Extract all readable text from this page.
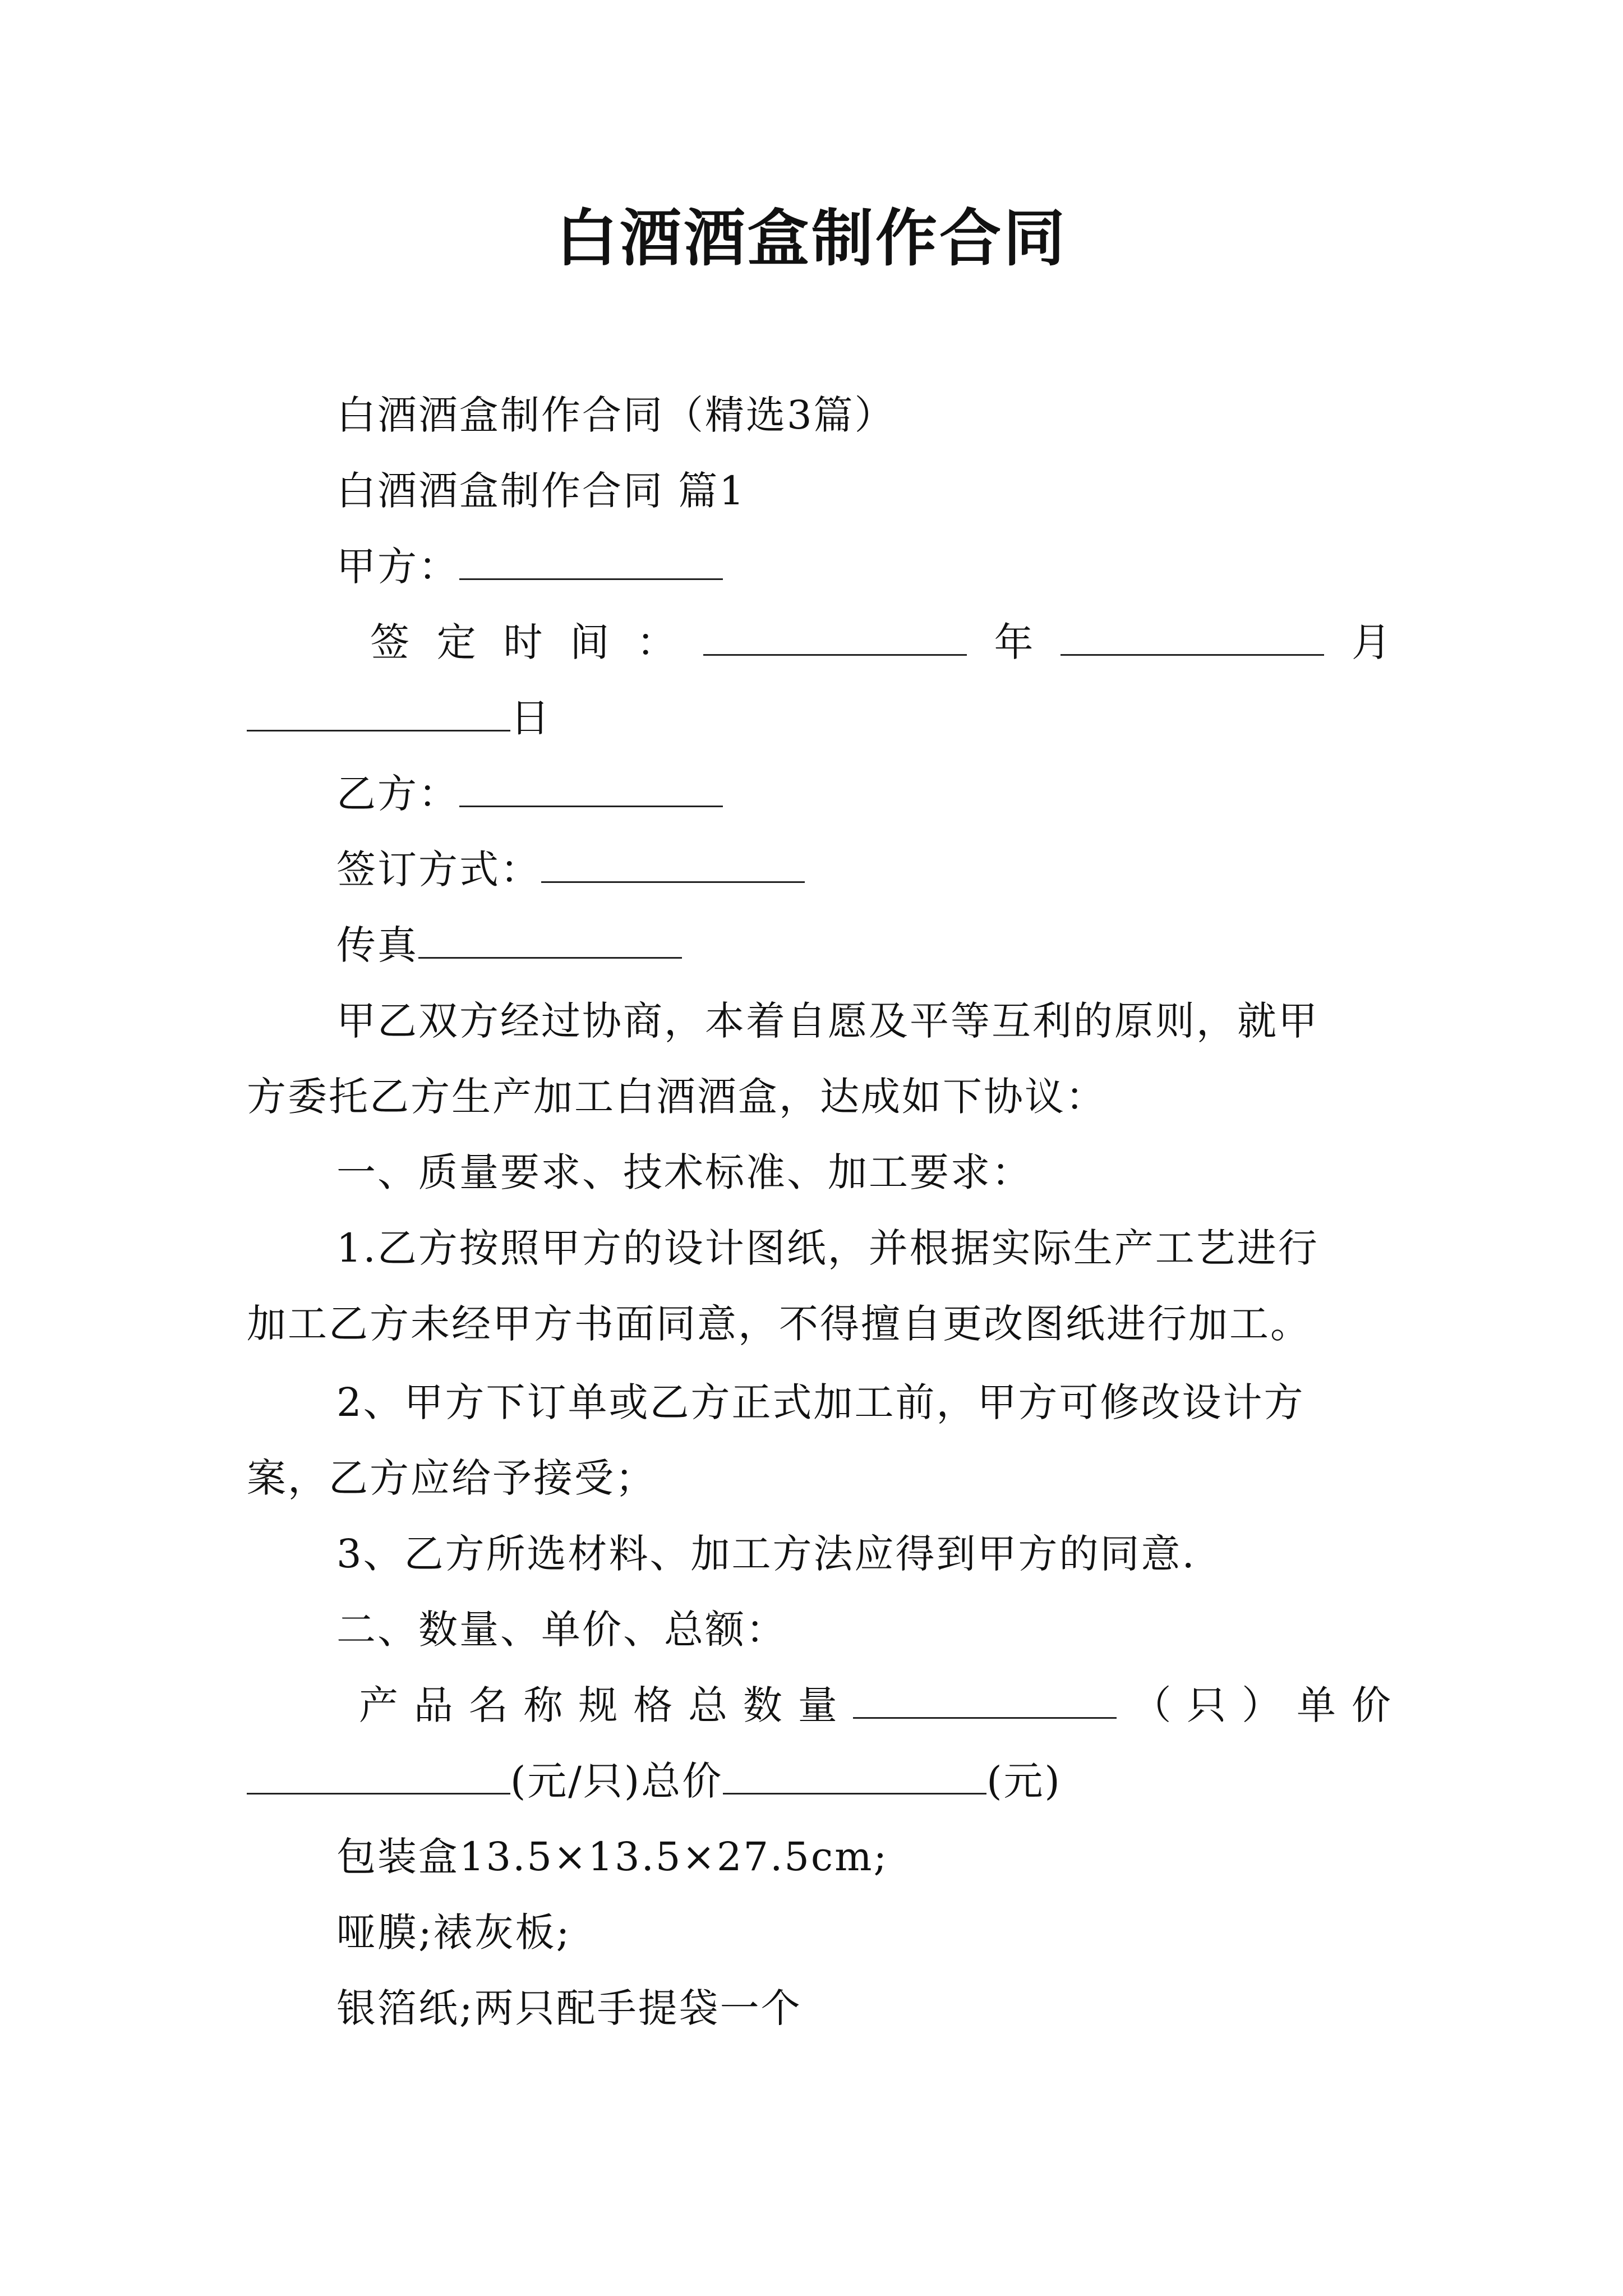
白酒酒盒制作合同
白酒酒盒制作合同（精选3篇）
白酒酒盒制作合同 篇1
甲方：
签 定 时 间 ：	年	月
日
乙方：
签订方式：
传真
甲乙双方经过协商，本着自愿及平等互利的原则，就甲
方委托乙方生产加工白酒酒盒，达成如下协议：
一、质量要求、技术标准、加工要求：
1.乙方按照甲方的设计图纸，并根据实际生产工艺进行
加工乙方未经甲方书面同意，不得擅自更改图纸进行加工。
2、甲方下订单或乙方正式加工前，甲方可修改设计方
案，乙方应给予接受；
3、乙方所选材料、加工方法应得到甲方的同意.
二、数量、单价、总额：
产 品 名 称 规 格 总 数 量	（ 只 ） 单 价
(元/只)总价	(元)
包装盒13.5×13.5×27.5cm;
哑膜;裱灰板;
银箔纸;两只配手提袋一个
